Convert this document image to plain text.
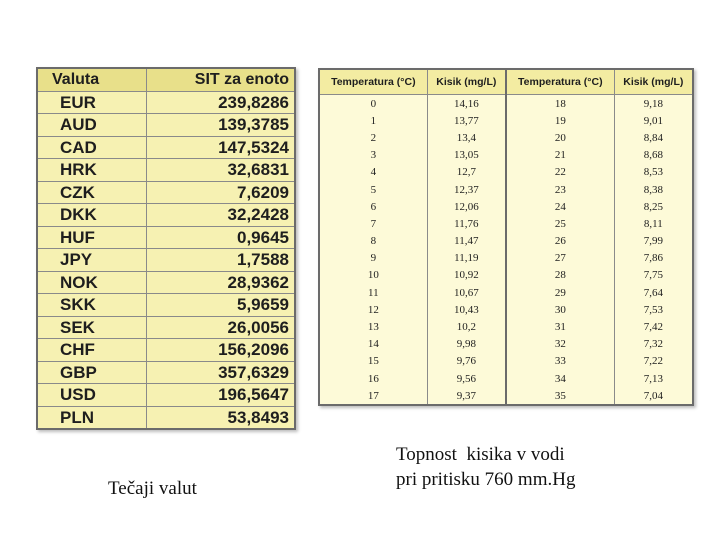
Valuta	SIT za enoto
EUR	239,8286
AUD	139,3785
CAD	147,5324
HRK	32,6831
CZK	7,6209
DKK	32,2428
HUF	0,9645
JPY	1,7588
NOK	28,9362
SKK	5,9659
SEK	26,0056
CHF	156,2096
GBP	357,6329
USD	196,5647
PLN	53,8493
Temperatura (°C)	Kisik (mg/L)	Temperatura (°C)	Kisik (mg/L)
0	14,16	18	9,18
1	13,77	19	9,01
2	13,4	20	8,84
3	13,05	21	8,68
4	12,7	22	8,53
5	12,37	23	8,38
6	12,06	24	8,25
7	11,76	25	8,11
8	11,47	26	7,99
9	11,19	27	7,86
10	10,92	28	7,75
11	10,67	29	7,64
12	10,43	30	7,53
13	10,2	31	7,42
14	9,98	32	7,32
15	9,76	33	7,22
16	9,56	34	7,13
17	9,37	35	7,04
Tečaji valut
Topnost  kisika v vodi
pri pritisku 760 mm.Hg
